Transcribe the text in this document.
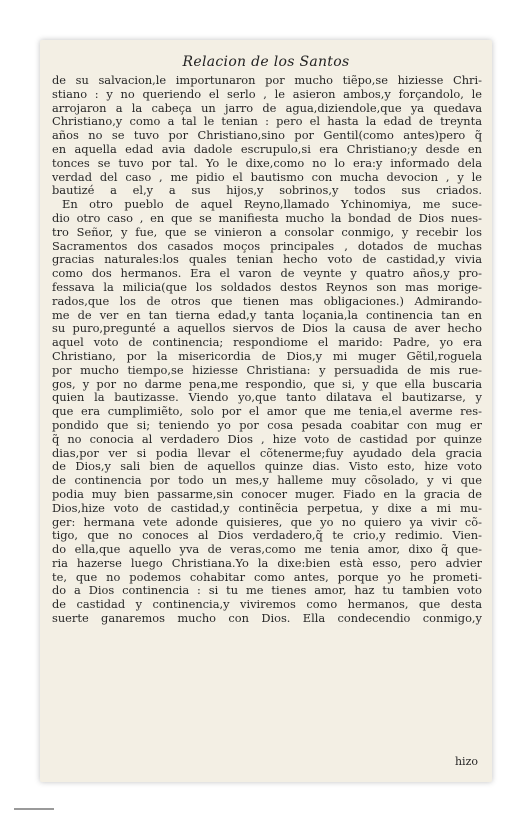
Relacion de los Santos
de su salvacion,le importunaron por mucho tiẽpo,se hiziesse Chri-
stiano : y no queriendo el serlo , le asieron ambos,y forçandolo, le
arrojaron a la cabeça un jarro de agua,diziendole,que ya quedava
Christiano,y como a tal le tenian : pero el hasta la edad de treynta
años no se tuvo por Christiano,sino por Gentil(como antes)pero q̃
en aquella edad avia dadole escrupulo,si era Christiano;y desde en
tonces se tuvo por tal. Yo le dixe,como no lo era:y informado dela
verdad del caso , me pidio el bautismo con mucha devocion , y le
bautizé a el,y a sus hijos,y sobrinos,y todos sus criados.
En otro pueblo de aquel Reyno,llamado Ychinomiya, me suce-
dio otro caso , en que se manifiesta mucho la bondad de Dios nues-
tro Señor, y fue, que se vinieron a consolar conmigo, y recebir los
Sacramentos dos casados moços principales , dotados de muchas
gracias naturales:los quales tenian hecho voto de castidad,y vivia
como dos hermanos. Era el varon de veynte y quatro años,y pro-
fessava la milicia(que los soldados destos Reynos son mas morige-
rados,que los de otros que tienen mas obligaciones.) Admirando-
me de ver en tan tierna edad,y tanta loçania,la continencia tan en
su puro,pregunté a aquellos siervos de Dios la causa de aver hecho
aquel voto de continencia; respondiome el marido: Padre, yo era
Christiano, por la misericordia de Dios,y mi muger Gẽtil,roguela
por mucho tiempo,se hiziesse Christiana: y persuadida de mis rue-
gos, y por no darme pena,me respondio, que si, y que ella buscaria
quien la bautizasse. Viendo yo,que tanto dilatava el bautizarse, y
que era cumplimiẽto, solo por el amor que me tenia,el averme res-
pondido que si; teniendo yo por cosa pesada coabitar con mug er
q̃ no conocia al verdadero Dios , hize voto de castidad por quinze
dias,por ver si podia llevar el cõtenerme;fuy ayudado dela gracia
de Dios,y sali bien de aquellos quinze dias. Visto esto, hize voto
de continencia por todo un mes,y halleme muy cõsolado, y vi que
podia muy bien passarme,sin conocer muger. Fiado en la gracia de
Dios,hize voto de castidad,y continẽcia perpetua, y dixe a mi mu-
ger: hermana vete adonde quisieres, que yo no quiero ya vivir cõ-
tigo, que no conoces al Dios verdadero,q̃ te crio,y redimio. Vien-
do ella,que aquello yva de veras,como me tenia amor, dixo q̃ que-
ria hazerse luego Christiana.Yo la dixe:bien està esso, pero advier
te, que no podemos cohabitar como antes, porque yo he prometi-
do a Dios continencia : si tu me tienes amor, haz tu tambien voto
de castidad y continencia,y viviremos como hermanos, que desta
suerte ganaremos mucho con Dios. Ella condecendio conmigo,y
hizo
